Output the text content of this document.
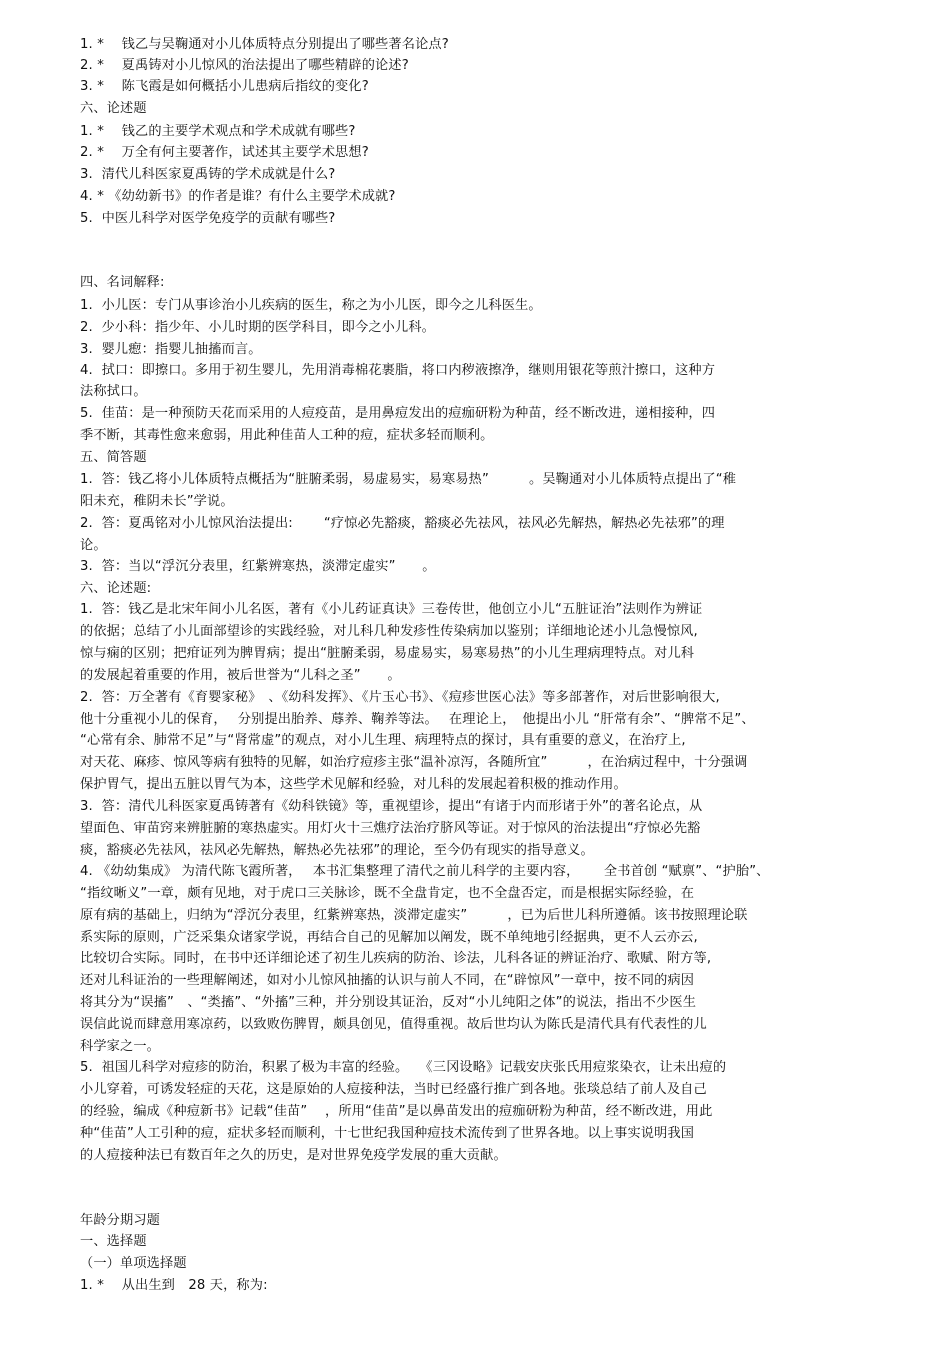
1. *　 钱乙与吴鞠通对小儿体质特点分别提出了哪些著名论点?
2. *　 夏禹铸对小儿惊风的治法提出了哪些精辟的论述?
3. *　 陈飞霞是如何概括小儿患病后指纹的变化?
六、论述题
1. *　 钱乙的主要学术观点和学术成就有哪些?
2. *　 万全有何主要著作，试述其主要学术思想?
3.  清代儿科医家夏禹铸的学术成就是什么?
4. * 《幼幼新书》的作者是谁？有什么主要学术成就?
5.  中医儿科学对医学免疫学的贡献有哪些?
四、名词解释:
1.  小儿医：专门从事诊治小儿疾病的医生，称之为小儿医，即今之儿科医生。
2.  少小科：指少年、小儿时期的医学科目，即今之小儿科。
3.  婴儿瘛：指婴儿抽搐而言。
4.  拭口：即擦口。多用于初生婴儿，先用消毒棉花裹脂，将口内秽液擦净，继则用银花等煎汁擦口，这种方
法称拭口。
5.  佳苗：是一种预防天花而采用的人痘疫苗，是用鼻痘发出的痘痂研粉为种苗，经不断改进，递相接种，四
季不断，其毒性愈来愈弱，用此种佳苗人工种的痘，症状多轻而顺利。
五、简答题
1.  答：钱乙将小儿体质特点概括为“脏腑柔弱，易虚易实，易寒易热”　　　。吴鞠通对小儿体质特点提出了“稚
阳未充，稚阴未长”学说。
2.  答：夏禹铭对小儿惊风治法提出:　　 “疗惊必先豁痰，豁痰必先祛风，祛风必先解热，解热必先祛邪”的理
论。
3.  答：当以“浮沉分表里，红紫辨寒热，淡滞定虚实”　　。
六、论述题:
1.  答：钱乙是北宋年间小儿名医，著有《小儿药证真诀》三卷传世，他创立小儿“五脏证治”法则作为辨证
的依据；总结了小儿面部望诊的实践经验，对儿科几种发疹性传染病加以鉴别；详细地论述小儿急慢惊风,
惊与痫的区别；把疳证列为脾胃病；提出“脏腑柔弱，易虚易实，易寒易热”的小儿生理病理特点。对儿科
的发展起着重要的作用，被后世誉为“儿科之圣”　　。
2.  答：万全著有《育婴家秘》　、《幼科发挥》、《片玉心书》、《痘疹世医心法》等多部著作，对后世影响很大,
他十分重视小儿的保育，　 分别提出胎养、蓐养、鞠养等法。　 在理论上，　他提出小儿 “肝常有余”、“脾常不足”、
“心常有余、肺常不足”与“肾常虚”的观点，对小儿生理、病理特点的探讨，具有重要的意义，在治疗上,
对天花、麻疹、惊风等病有独特的见解，如治疗痘疹主张“温补凉泻，各随所宜”　　　，在治病过程中，十分强调
保护胃气，提出五脏以胃气为本，这些学术见解和经验，对儿科的发展起着积极的推动作用。
3.  答：清代儿科医家夏禹铸著有《幼科铁镜》等，重视望诊，提出“有诸于内而形诸于外”的著名论点，从
望面色、审苗窍来辨脏腑的寒热虚实。用灯火十三燋疗法治疗脐风等证。对于惊风的治法提出“疗惊必先豁
痰，豁痰必先祛风，祛风必先解热，解热必先祛邪”的理论，至今仍有现实的指导意义。
4. 《幼幼集成》 为清代陈飞霞所著，　 本书汇集整理了清代之前儿科学的主要内容，　　 全书首创 “赋禀”、“护胎”、
“指纹晰义”一章，颇有见地，对于虎口三关脉诊，既不全盘肯定，也不全盘否定，而是根据实际经验，在
原有病的基础上，归纳为“浮沉分表里，红紫辨寒热，淡滞定虚实”　　　，已为后世儿科所遵循。该书按照理论联
系实际的原则，广泛采集众诸家学说，再结合自己的见解加以阐发，既不单纯地引经据典，更不人云亦云,
比较切合实际。同时，在书中还详细论述了初生儿疾病的防治、诊法，儿科各证的辨证治疗、歌赋、附方等,
还对儿科证治的一些理解阐述，如对小儿惊风抽搐的认识与前人不同，在“辟惊风”一章中，按不同的病因
将其分为“误搐”　、“类搐”、“外搐”三种，并分别设其证治，反对“小儿纯阳之体”的说法，指出不少医生
误信此说而肆意用寒凉药，以致败伤脾胃，颇具创见，值得重视。故后世均认为陈氏是清代具有代表性的儿
科学家之一。
5.  祖国儿科学对痘疹的防治，积累了极为丰富的经验。　 《三冈设略》记载安庆张氏用痘浆染衣，让未出痘的
小儿穿着，可诱发轻症的天花，这是原始的人痘接种法，当时已经盛行推广到各地。张琰总结了前人及自己
的经验，编成《种痘新书》记载“佳苗”　 ，所用“佳苗”是以鼻苗发出的痘痂研粉为种苗，经不断改进，用此
种“佳苗”人工引种的痘，症状多轻而顺利，十七世纪我国种痘技术流传到了世界各地。以上事实说明我国
的人痘接种法已有数百年之久的历史，是对世界免疫学发展的重大贡献。
年龄分期习题
一、选择题
（一）单项选择题
1. *　 从出生到　28 天，称为:
